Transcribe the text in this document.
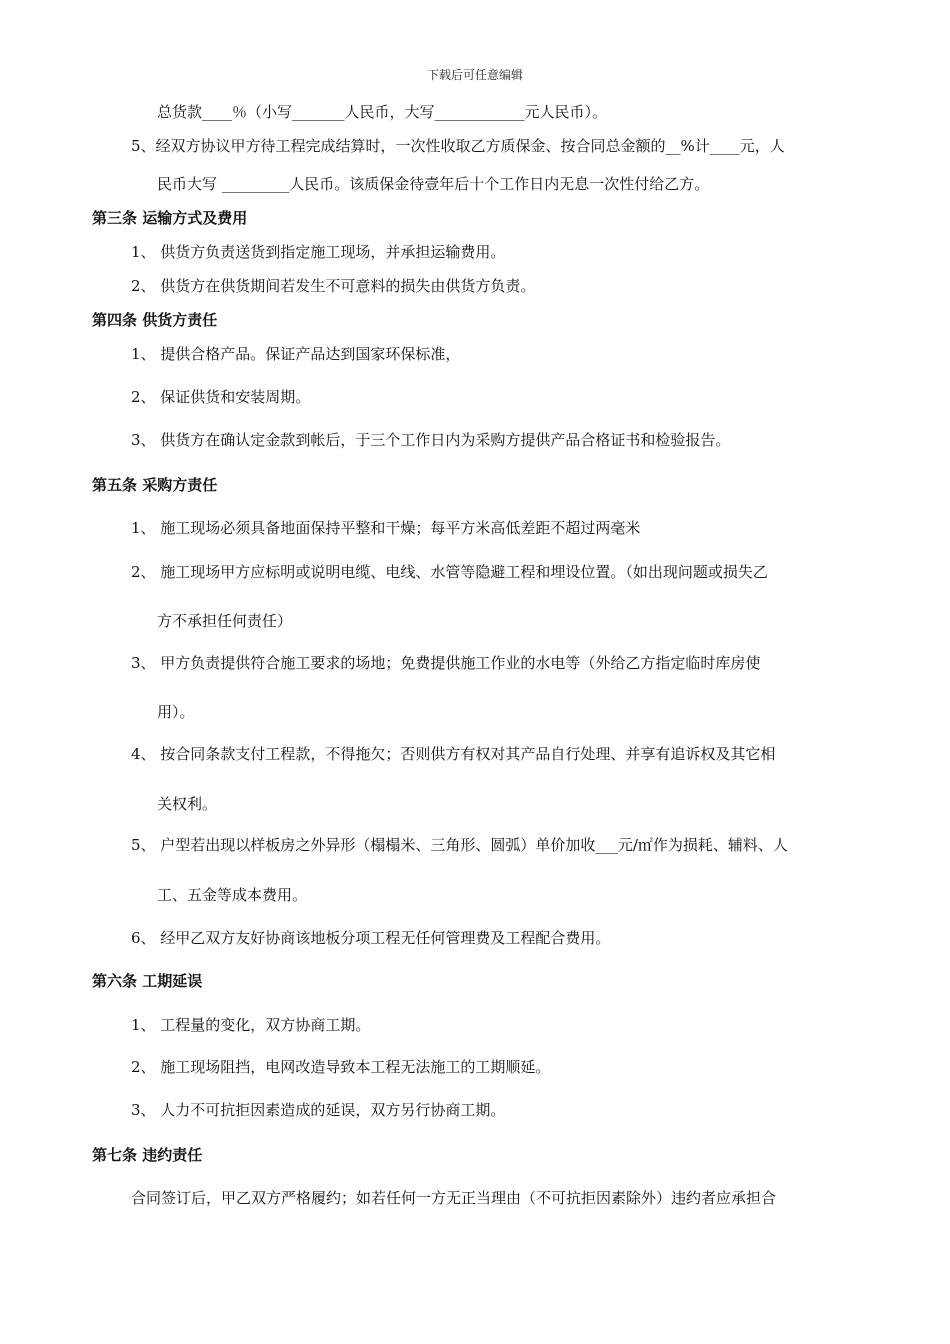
下载后可任意编辑
总货款____％（小写_______人民币，大写____________元人民币）。
5、经双方协议甲方待工程完成结算时，一次性收取乙方质保金、按合同总金额的__%计____元，人
民币大写 _________人民币。该质保金待壹年后十个工作日内无息一次性付给乙方。
第三条 运输方式及费用
1、 供货方负责送货到指定施工现场，并承担运输费用。
2、 供货方在供货期间若发生不可意料的损失由供货方负责。
第四条 供货方责任
1、 提供合格产品。保证产品达到国家环保标准，
2、 保证供货和安装周期。
3、 供货方在确认定金款到帐后，于三个工作日内为采购方提供产品合格证书和检验报告。
第五条 采购方责任
1、 施工现场必须具备地面保持平整和干燥；每平方米高低差距不超过两毫米
2、 施工现场甲方应标明或说明电缆、电线、水管等隐避工程和埋设位置。（如出现问题或损失乙
方不承担任何责任）
3、 甲方负责提供符合施工要求的场地；免费提供施工作业的水电等（外给乙方指定临时库房使
用）。
4、 按合同条款支付工程款，不得拖欠；否则供方有权对其产品自行处理、并享有追诉权及其它相
关权利。
5、 户型若出现以样板房之外异形（榻榻米、三角形、圆弧）单价加收___元/㎡作为损耗、辅料、人
工、五金等成本费用。
6、 经甲乙双方友好协商该地板分项工程无任何管理费及工程配合费用。
第六条 工期延误
1、 工程量的变化，双方协商工期。
2、 施工现场阻挡，电网改造导致本工程无法施工的工期顺延。
3、 人力不可抗拒因素造成的延误，双方另行协商工期。
第七条 违约责任
合同签订后，甲乙双方严格履约；如若任何一方无正当理由（不可抗拒因素除外）违约者应承担合
